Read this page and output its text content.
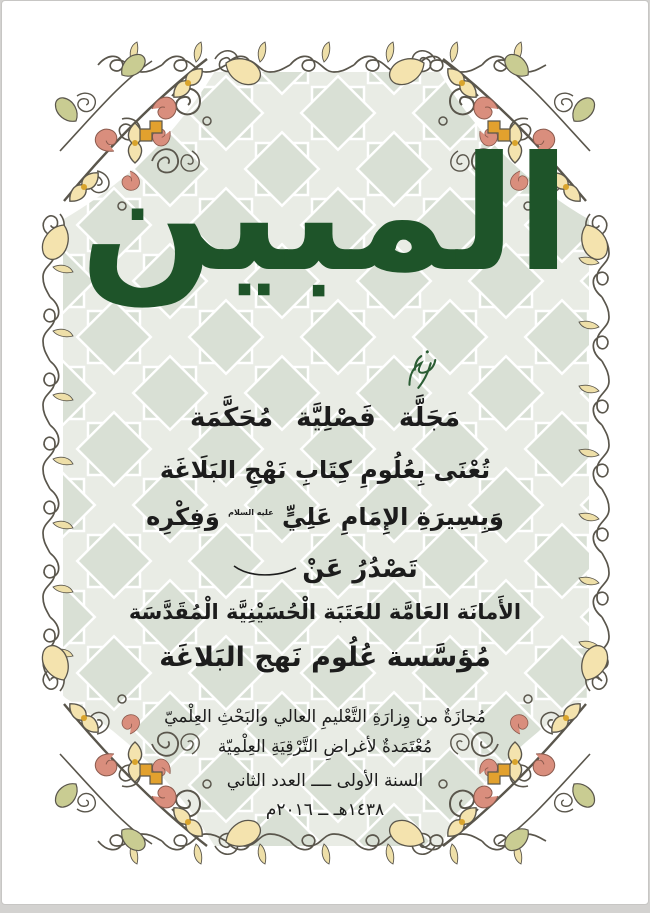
المبين
مَجَلَّة فَصْلِيَّة مُحَكَّمَة
تُعْنَى بِعُلُومِ كِتَابِ نَهْجِ البَلَاغَة
وَبِسِيرَةِ الإِمَامِ عَلِيٍّ $^{عليه السلام}$ وَفِكْرِه
تَصْدُرُ عَنْ
الأَمانَة العَامَّة للعَتَبَة الْحُسَيْنِيَّة الْمُقَدَّسَة
مُؤسَّسة عُلُوم نَهج البَلاغَة
مُجازَةٌ من وِزارَةِ التَّعْليمِ العالي والبَحْثِ العِلْميّ
مُعْتَمَدةٌ لأغراضِ التَّرْقِيَةِ العِلْمِيّة
السنة الأولى ــــ العدد الثاني
١٤٣٨هـ ــ ٢٠١٦م
